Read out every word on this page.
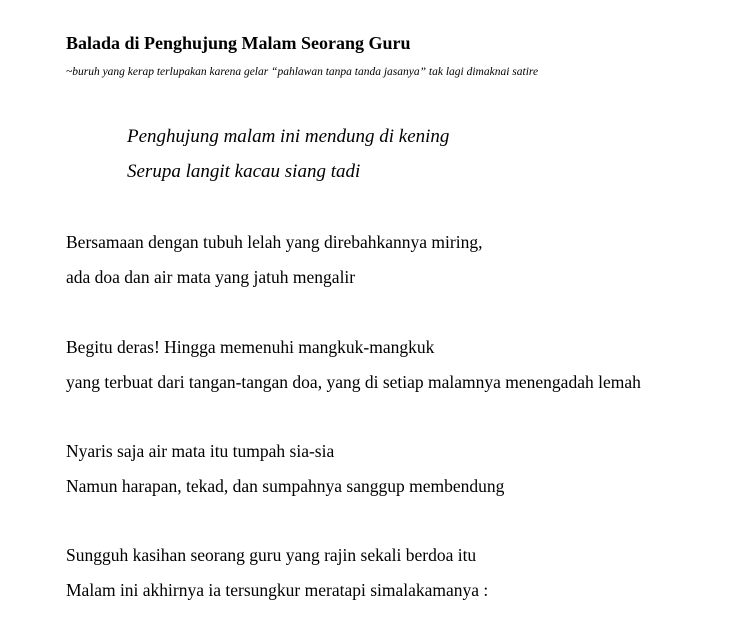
Balada di Penghujung Malam Seorang Guru
~buruh yang kerap terlupakan karena gelar “pahlawan tanpa tanda jasanya” tak lagi dimaknai satire
Penghujung malam ini mendung di kening
Serupa langit kacau siang tadi
Bersamaan dengan tubuh lelah yang direbahkannya miring,
ada doa dan air mata yang jatuh mengalir
Begitu deras! Hingga memenuhi mangkuk-mangkuk
yang terbuat dari tangan-tangan doa, yang di setiap malamnya menengadah lemah
Nyaris saja air mata itu tumpah sia-sia
Namun harapan, tekad, dan sumpahnya sanggup membendung
Sungguh kasihan seorang guru yang rajin sekali berdoa itu
Malam ini akhirnya ia tersungkur meratapi simalakamanya :
